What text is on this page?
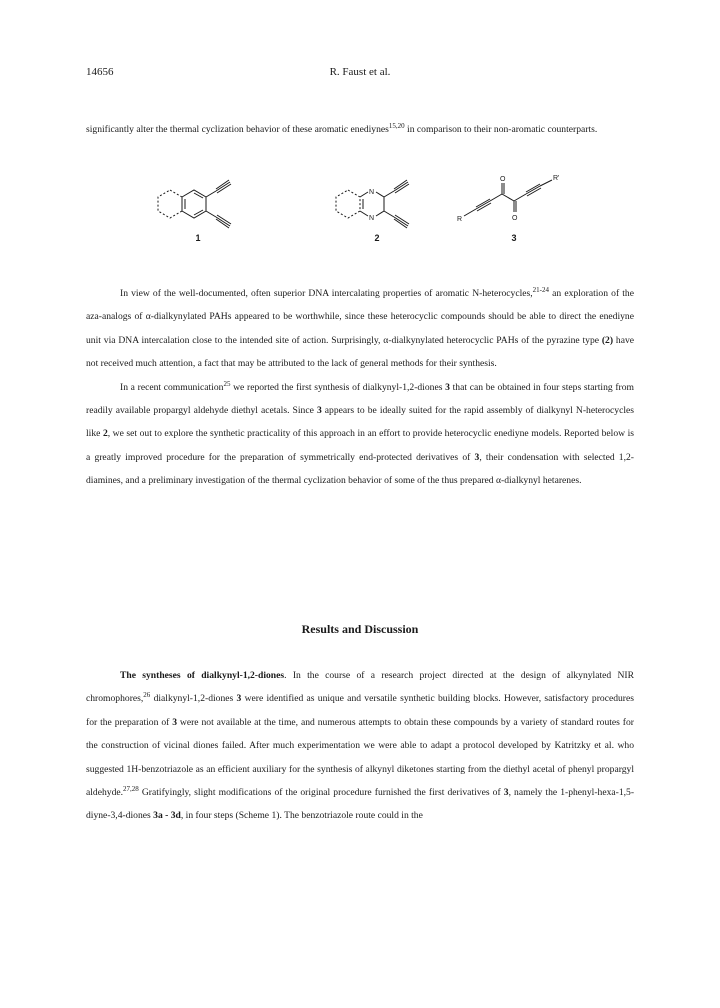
14656	R. Faust et al.

significantly alter the thermal cyclization behavior of these aromatic enediynes$^{15,20}$ in comparison to their non-aromatic counterparts.

N
N
O
O
R'
R
1	2	3

In view of the well-documented, often superior DNA intercalating properties of aromatic N-heterocycles,$^{21-24}$ an exploration of the aza-analogs of α-dialkynylated PAHs appeared to be worthwhile, since these heterocyclic compounds should be able to direct the enediyne unit via DNA intercalation close to the intended site of action. Surprisingly, α-dialkynylated heterocyclic PAHs of the pyrazine type (2) have not received much attention, a fact that may be attributed to the lack of general methods for their synthesis.

In a recent communication$^{25}$ we reported the first synthesis of dialkynyl-1,2-diones 3 that can be obtained in four steps starting from readily available propargyl aldehyde diethyl acetals. Since 3 appears to be ideally suited for the rapid assembly of dialkynyl N-heterocycles like 2, we set out to explore the synthetic practicality of this approach in an effort to provide heterocyclic enediyne models. Reported below is a greatly improved procedure for the preparation of symmetrically end-protected derivatives of 3, their condensation with selected 1,2-diamines, and a preliminary investigation of the thermal cyclization behavior of some of the thus prepared α-dialkynyl hetarenes.

Results and Discussion

The syntheses of dialkynyl-1,2-diones. In the course of a research project directed at the design of alkynylated NIR chromophores,$^{26}$ dialkynyl-1,2-diones 3 were identified as unique and versatile synthetic building blocks. However, satisfactory procedures for the preparation of 3 were not available at the time, and numerous attempts to obtain these compounds by a variety of standard routes for the construction of vicinal diones failed. After much experimentation we were able to adapt a protocol developed by Katritzky et al. who suggested 1H-benzotriazole as an efficient auxiliary for the synthesis of alkynyl diketones starting from the diethyl acetal of phenyl propargyl aldehyde.$^{27,28}$ Gratifyingly, slight modifications of the original procedure furnished the first derivatives of 3, namely the 1-phenyl-hexa-1,5-diyne-3,4-diones 3a - 3d, in four steps (Scheme 1). The benzotriazole route could in the
